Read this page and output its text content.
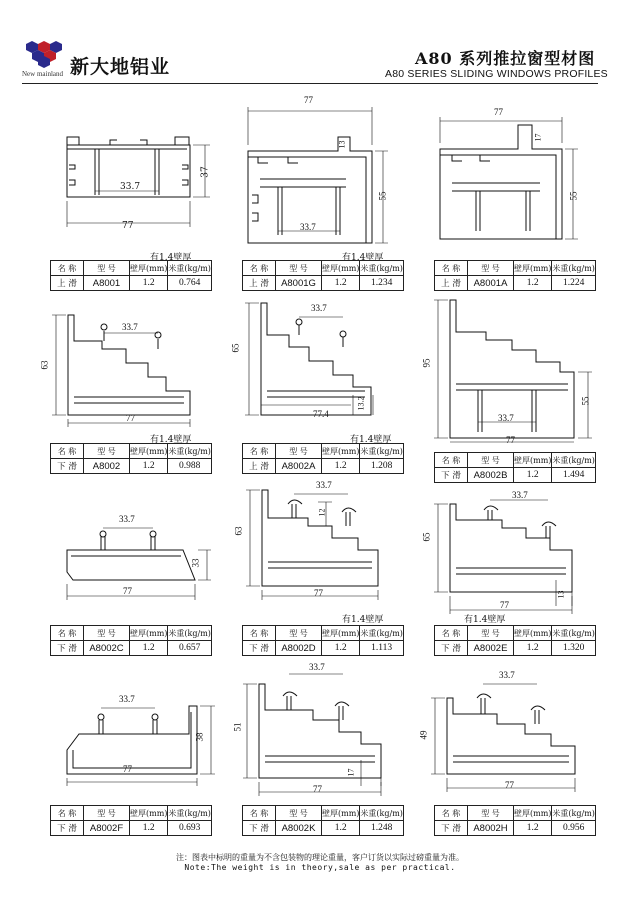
New mainland 新大地铝业	A80 系列推拉窗型材图
A80 SERIES SLIDING WINDOWS PROFILES
77
33.7
37
77
13
55
33.7
77
17
55
33.7
63
77
33.7
65
77.4
13.2
95
55
33.7
77
33.7
33
77
33.7
12
63
77
33.7
65
13
77
33.7
38
77
33.7
51
17
77
33.7
49
77
有1.4壁厚	有1.4壁厚
有1.4壁厚	有1.4壁厚
有1.4壁厚	有1.4壁厚
名 称	型 号	壁厚(mm)	米重(kg/m)
上 滑	A8001	1.2	0.764
名 称	型 号	壁厚(mm)	米重(kg/m)
上 滑	A8001G	1.2	1.234
名 称	型 号	壁厚(mm)	米重(kg/m)
上 滑	A8001A	1.2	1.224
名 称	型 号	壁厚(mm)	米重(kg/m)
下 滑	A8002	1.2	0.988
名 称	型 号	壁厚(mm)	米重(kg/m)
上 滑	A8002A	1.2	1.208
名 称	型 号	壁厚(mm)	米重(kg/m)
下 滑	A8002B	1.2	1.494
名 称	型 号	壁厚(mm)	米重(kg/m)
下 滑	A8002C	1.2	0.657
名 称	型 号	壁厚(mm)	米重(kg/m)
下 滑	A8002D	1.2	1.113
名 称	型 号	壁厚(mm)	米重(kg/m)
下 滑	A8002E	1.2	1.320
名 称	型 号	壁厚(mm)	米重(kg/m)
下 滑	A8002F	1.2	0.693
名 称	型 号	壁厚(mm)	米重(kg/m)
下 滑	A8002K	1.2	1.248
名 称	型 号	壁厚(mm)	米重(kg/m)
下 滑	A8002H	1.2	0.956
注：图表中标明的重量为不含包装物的理论重量，客户订货以实际过磅重量为准。
Note:The weight is in theory,sale as per practical.
